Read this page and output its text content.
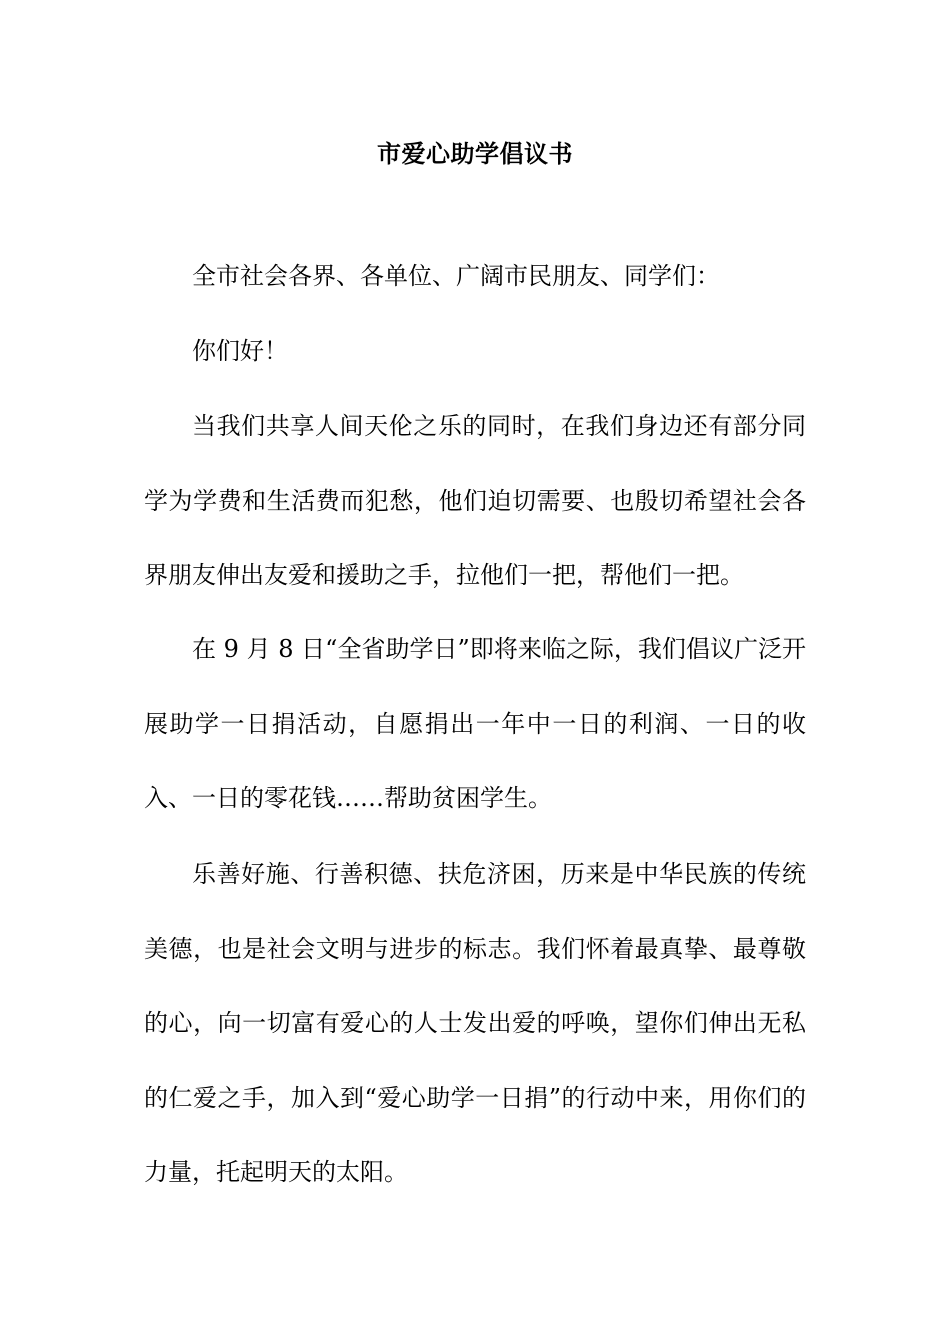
市爱心助学倡议书
全市社会各界、各单位、广阔市民朋友、同学们：
你们好！
当我们共享人间天伦之乐的同时，在我们身边还有部分同学为学费和生活费而犯愁，他们迫切需要、也殷切希望社会各界朋友伸出友爱和援助之手，拉他们一把，帮他们一把。
在 9 月 8 日“全省助学日”即将来临之际，我们倡议广泛开展助学一日捐活动，自愿捐出一年中一日的利润、一日的收入、一日的零花钱……帮助贫困学生。
乐善好施、行善积德、扶危济困，历来是中华民族的传统美德，也是社会文明与进步的标志。我们怀着最真挚、最尊敬的心，向一切富有爱心的人士发出爱的呼唤，望你们伸出无私的仁爱之手，加入到“爱心助学一日捐”的行动中来，用你们的力量，托起明天的太阳。
